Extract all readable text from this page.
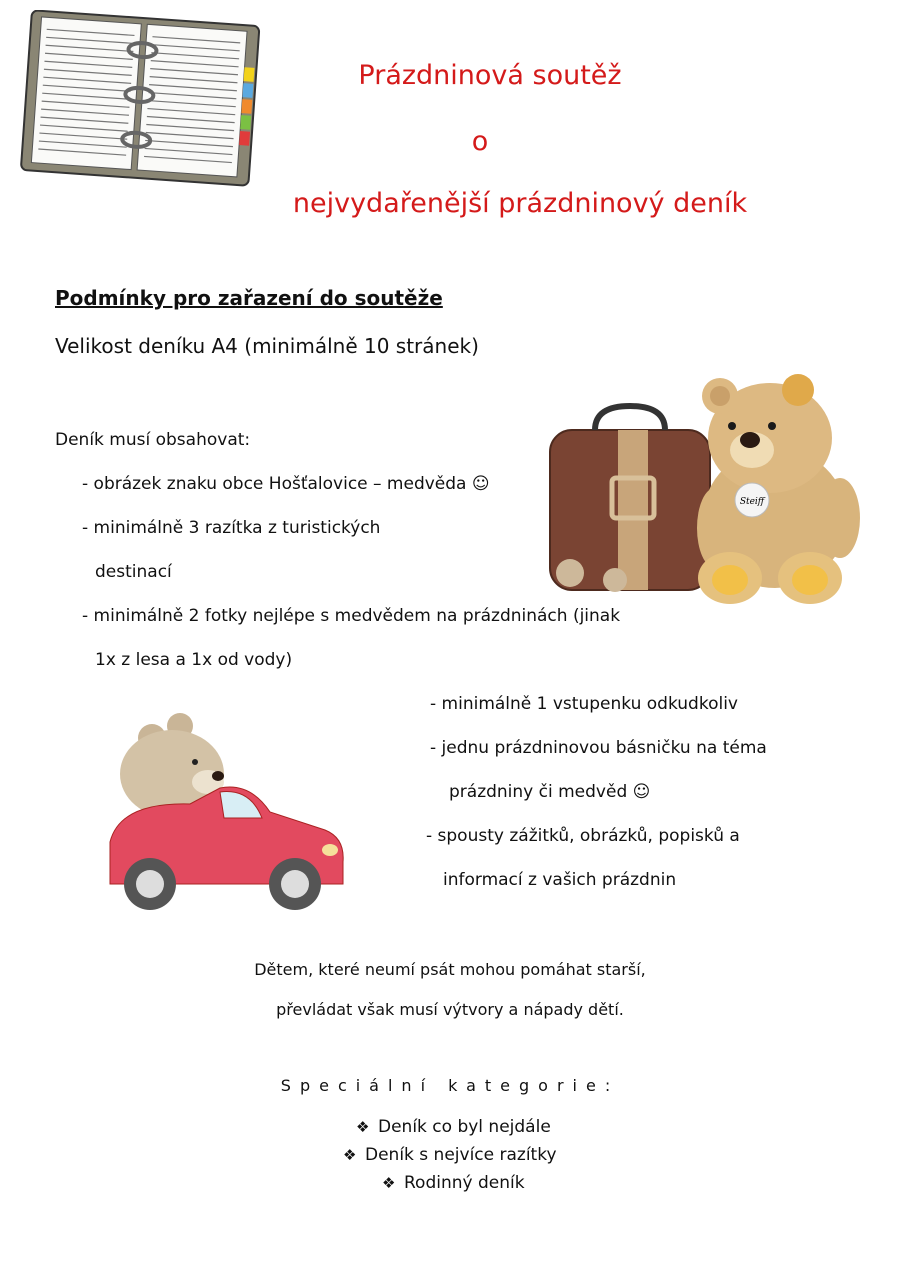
Prázdninová soutěž
o
nejvydařenější prázdninový deník
Podmínky pro zařazení do soutěže
Velikost deníku A4 (minimálně 10 stránek)
Deník musí obsahovat:
- obrázek znaku obce Hošťalovice – medvěda ☺
- minimálně 3 razítka z turistických
destinací
- minimálně 2 fotky nejlépe s medvědem na prázdninách (jinak
1x z lesa a 1x od vody)
- minimálně 1 vstupenku odkudkoliv
- jednu prázdninovou básničku na téma
prázdniny či medvěd ☺
- spousty zážitků, obrázků, popisků a
informací z vašich prázdnin
Steiff
Dětem, které neumí psát mohou pomáhat starší,
převládat však musí výtvory a nápady dětí.
Speciální kategorie:
❖ Deník co byl nejdále
❖ Deník s nejvíce razítky
❖ Rodinný deník
